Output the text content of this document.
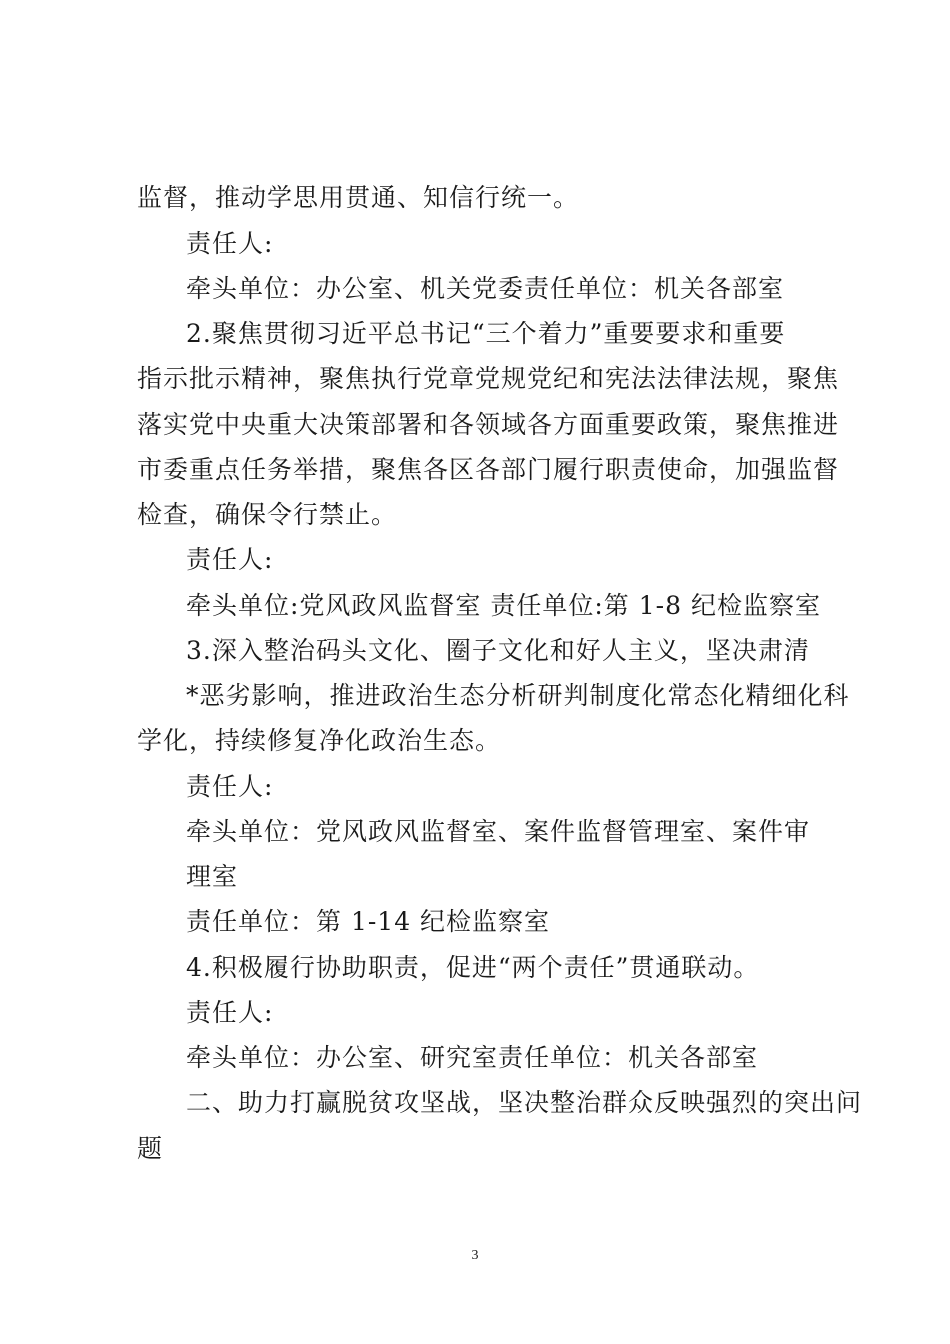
监督，推动学思用贯通、知信行统一。
责任人:
牵头单位：办公室、机关党委责任单位：机关各部室
2.聚焦贯彻习近平总书记“三个着力”重要要求和重要
指示批示精神，聚焦执行党章党规党纪和宪法法律法规，聚焦
落实党中央重大决策部署和各领域各方面重要政策，聚焦推进
市委重点任务举措，聚焦各区各部门履行职责使命，加强监督
检查，确保令行禁止。
责任人:
牵头单位:党风政风监督室 责任单位:第 1-8 纪检监察室
3.深入整治码头文化、圈子文化和好人主义，坚决肃清
*恶劣影响，推进政治生态分析研判制度化常态化精细化科
学化，持续修复净化政治生态。
责任人:
牵头单位：党风政风监督室、案件监督管理室、案件审
理室
责任单位：第 1-14 纪检监察室
4.积极履行协助职责，促进“两个责任”贯通联动。
责任人:
牵头单位：办公室、研究室责任单位：机关各部室
二、助力打赢脱贫攻坚战，坚决整治群众反映强烈的突出问
题
3
